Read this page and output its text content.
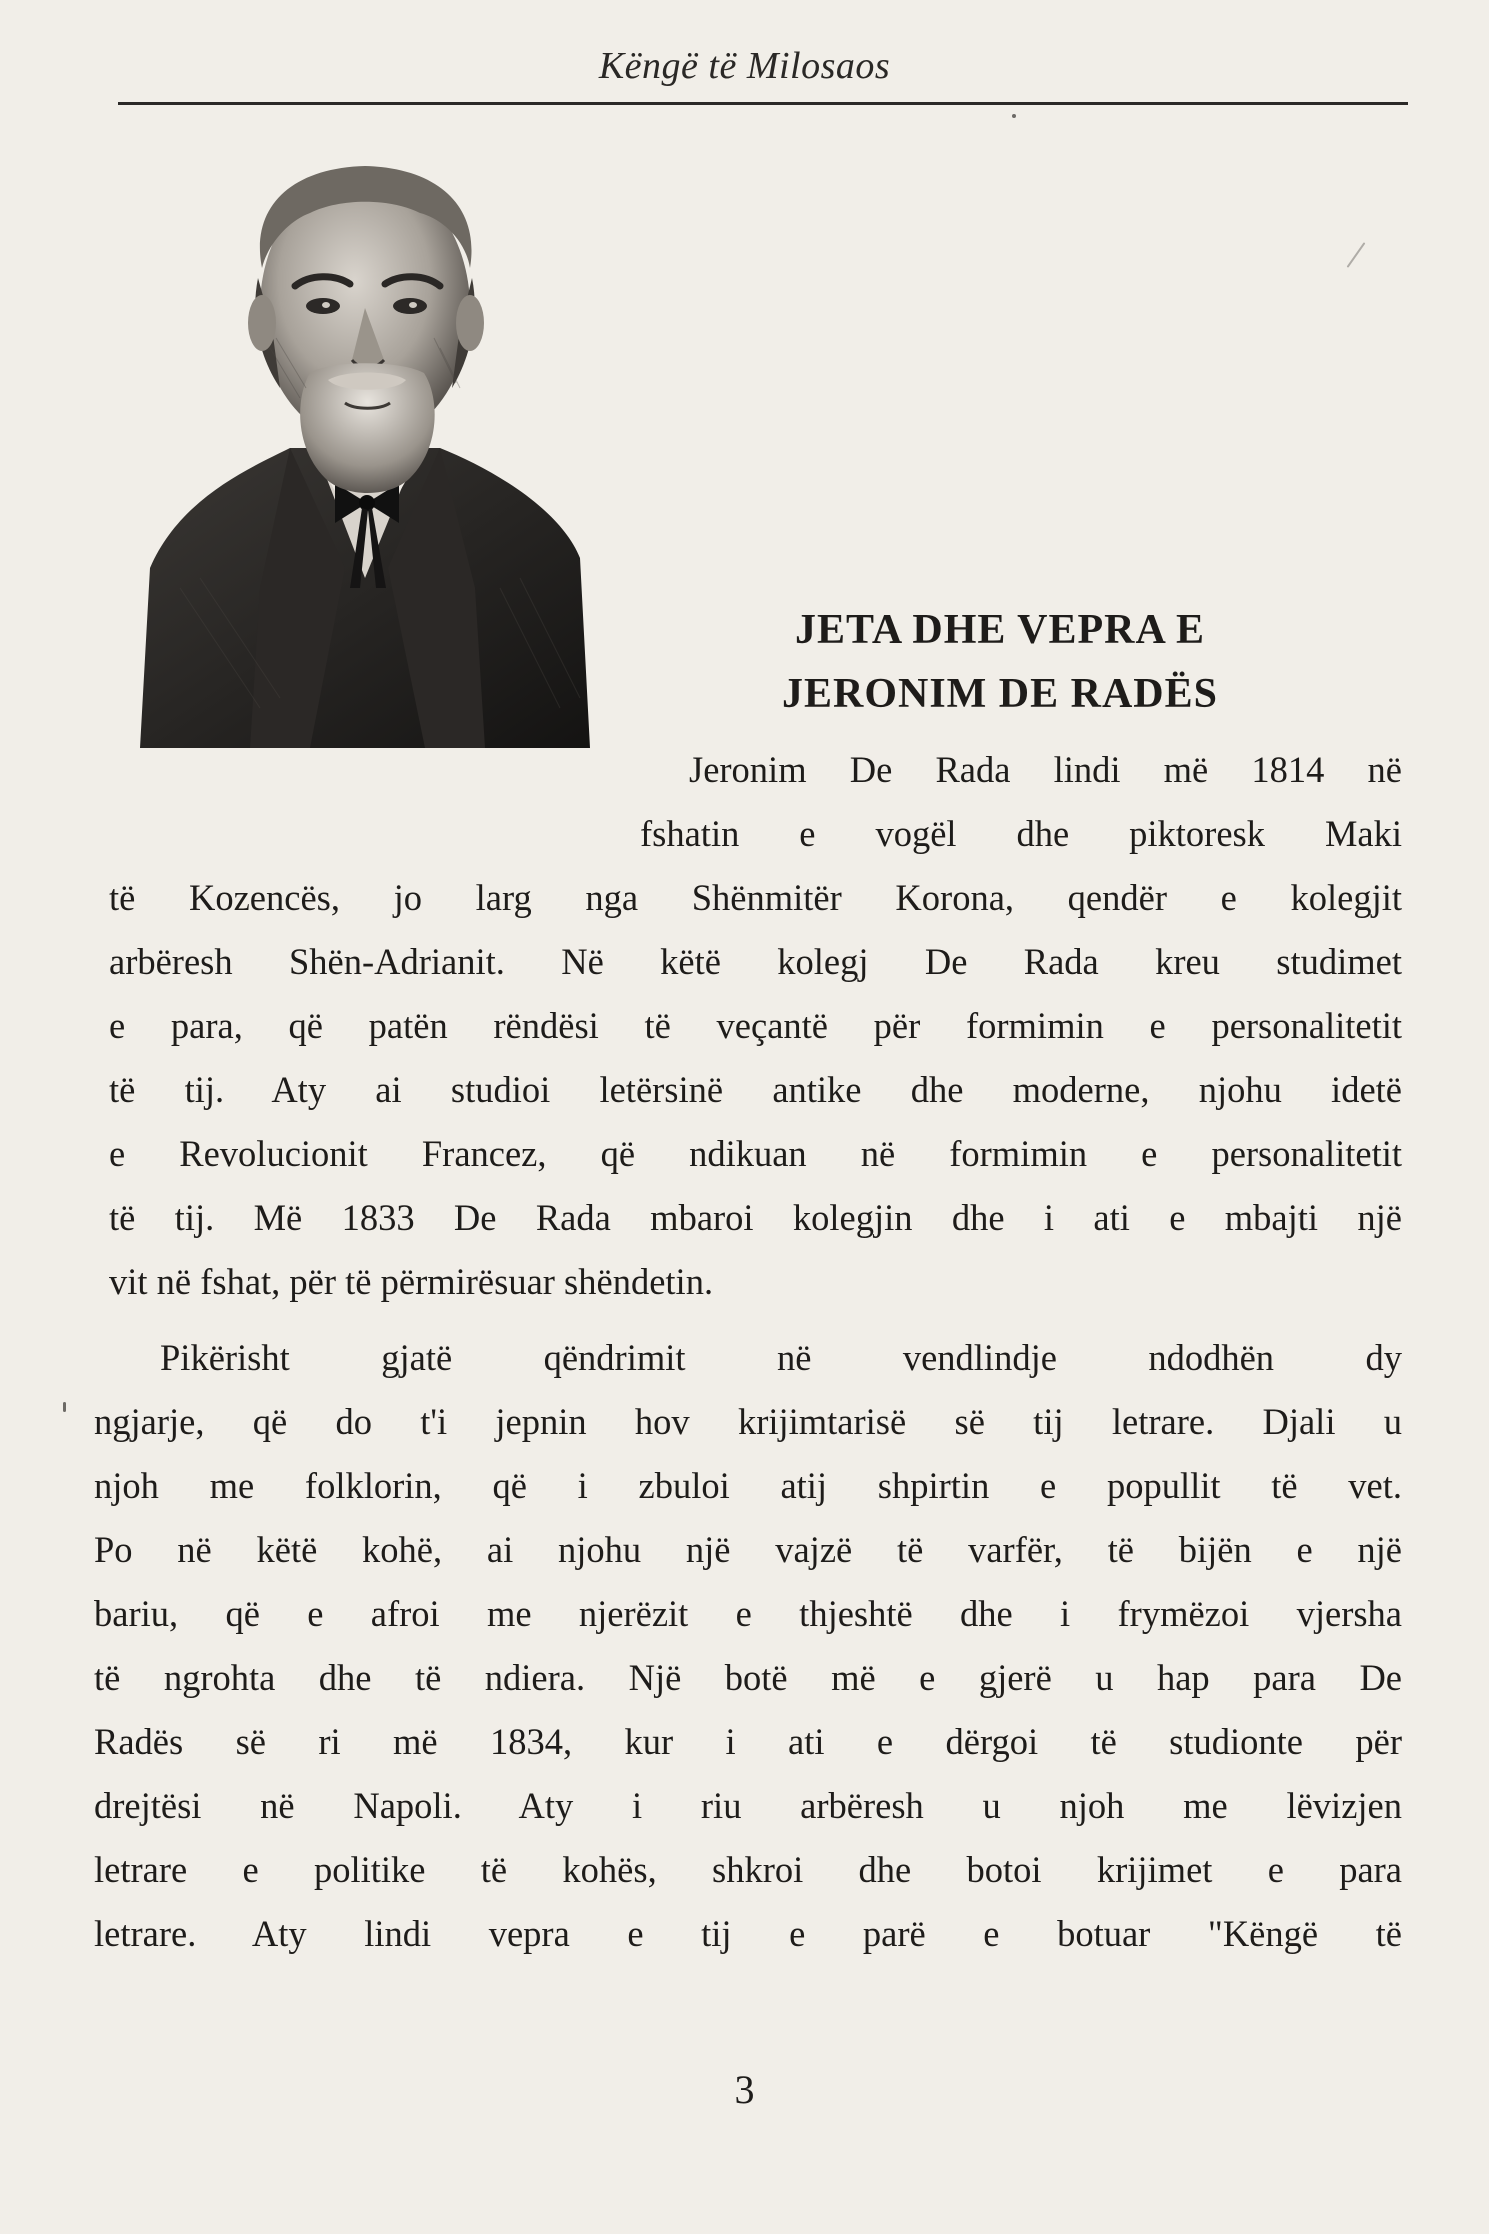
Këngë të Milosaos
JETA DHE VEPRA E
JERONIM DE RADËS
Jeronim De Rada lindi më 1814 në
fshatin e vogël dhe piktoresk Maki
të Kozencës, jo larg nga Shënmitër Korona, qendër e kolegjit
arbëresh Shën-Adrianit. Në këtë kolegj De Rada kreu studimet
e para, që patën rëndësi të veçantë për formimin e personalitetit
të tij. Aty ai studioi letërsinë antike dhe moderne, njohu idetë
e Revolucionit Francez, që ndikuan në formimin e personalitetit
të tij. Më 1833 De Rada mbaroi kolegjin dhe i ati e mbajti një
vit në fshat, për të përmirësuar shëndetin.
Pikërisht gjatë qëndrimit në vendlindje ndodhën dy
ngjarje, që do t'i jepnin hov krijimtarisë së tij letrare. Djali u
njoh me folklorin, që i zbuloi atij shpirtin e popullit të vet.
Po në këtë kohë, ai njohu një vajzë të varfër, të bijën e një
bariu, që e afroi me njerëzit e thjeshtë dhe i frymëzoi vjersha
të ngrohta dhe të ndiera. Një botë më e gjerë u hap para De
Radës së ri më 1834, kur i ati e dërgoi të studionte për
drejtësi në Napoli. Aty i riu arbëresh u njoh me lëvizjen
letrare e politike të kohës, shkroi dhe botoi krijimet e para
letrare. Aty lindi vepra e tij e parë e botuar "Këngë të
3
